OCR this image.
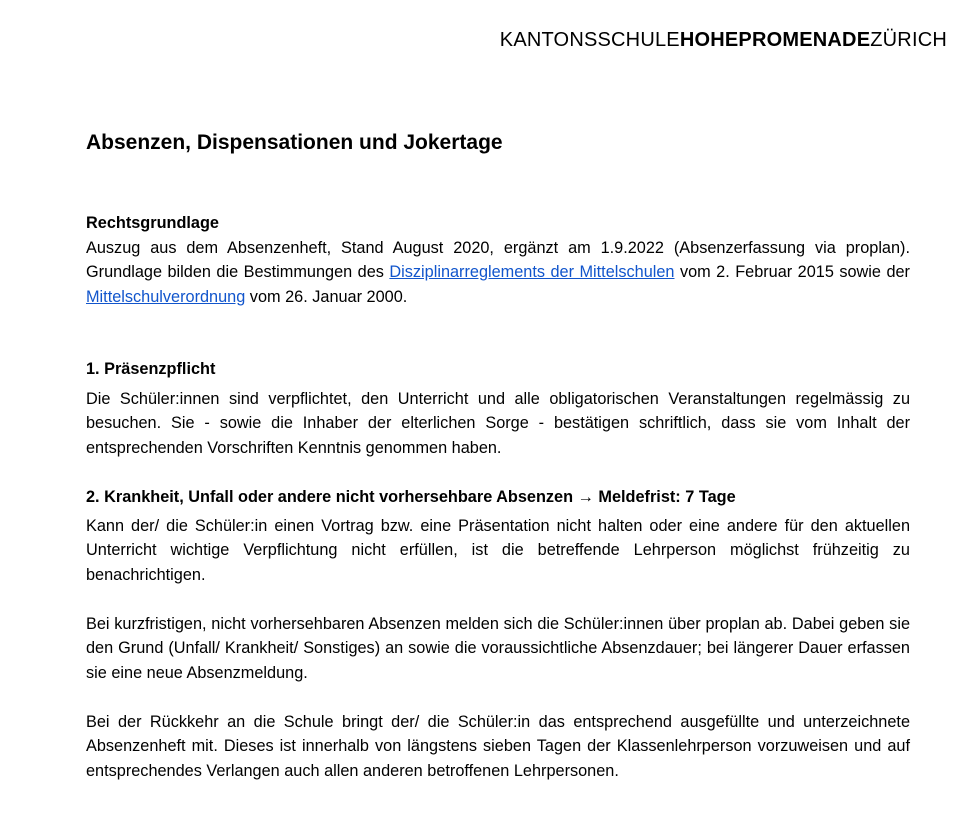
KANTONSSCHULEHOHEPROMENADEZÜRICH
Absenzen, Dispensationen und Jokertage

Rechtsgrundlage

Auszug aus dem Absenzenheft, Stand August 2020, ergänzt am 1.9.2022 (Absenzerfassung via proplan). Grundlage bilden die Bestimmungen des Disziplinarreglements der Mittelschulen vom 2. Februar 2015 sowie der Mittelschulverordnung vom 26. Januar 2000.

1. Präsenzpflicht

Die Schüler:innen sind verpflichtet, den Unterricht und alle obligatorischen Veranstaltungen regelmässig zu besuchen. Sie - sowie die Inhaber der elterlichen Sorge - bestätigen schriftlich, dass sie vom Inhalt der entsprechenden Vorschriften Kenntnis genommen haben.

2. Krankheit, Unfall oder andere nicht vorhersehbare Absenzen → Meldefrist: 7 Tage

Kann der/ die Schüler:in einen Vortrag bzw. eine Präsentation nicht halten oder eine andere für den aktuellen Unterricht wichtige Verpflichtung nicht erfüllen, ist die betreffende Lehrperson möglichst frühzeitig zu benachrichtigen.

Bei kurzfristigen, nicht vorhersehbaren Absenzen melden sich die Schüler:innen über proplan ab. Dabei geben sie den Grund (Unfall/ Krankheit/ Sonstiges) an sowie die voraussichtliche Absenzdauer; bei längerer Dauer erfassen sie eine neue Absenzmeldung.

Bei der Rückkehr an die Schule bringt der/ die Schüler:in das entsprechend ausgefüllte und unterzeichnete Absenzenheft mit. Dieses ist innerhalb von längstens sieben Tagen der Klassenlehrperson vorzuweisen und auf entsprechendes Verlangen auch allen anderen betroffenen Lehrpersonen.
